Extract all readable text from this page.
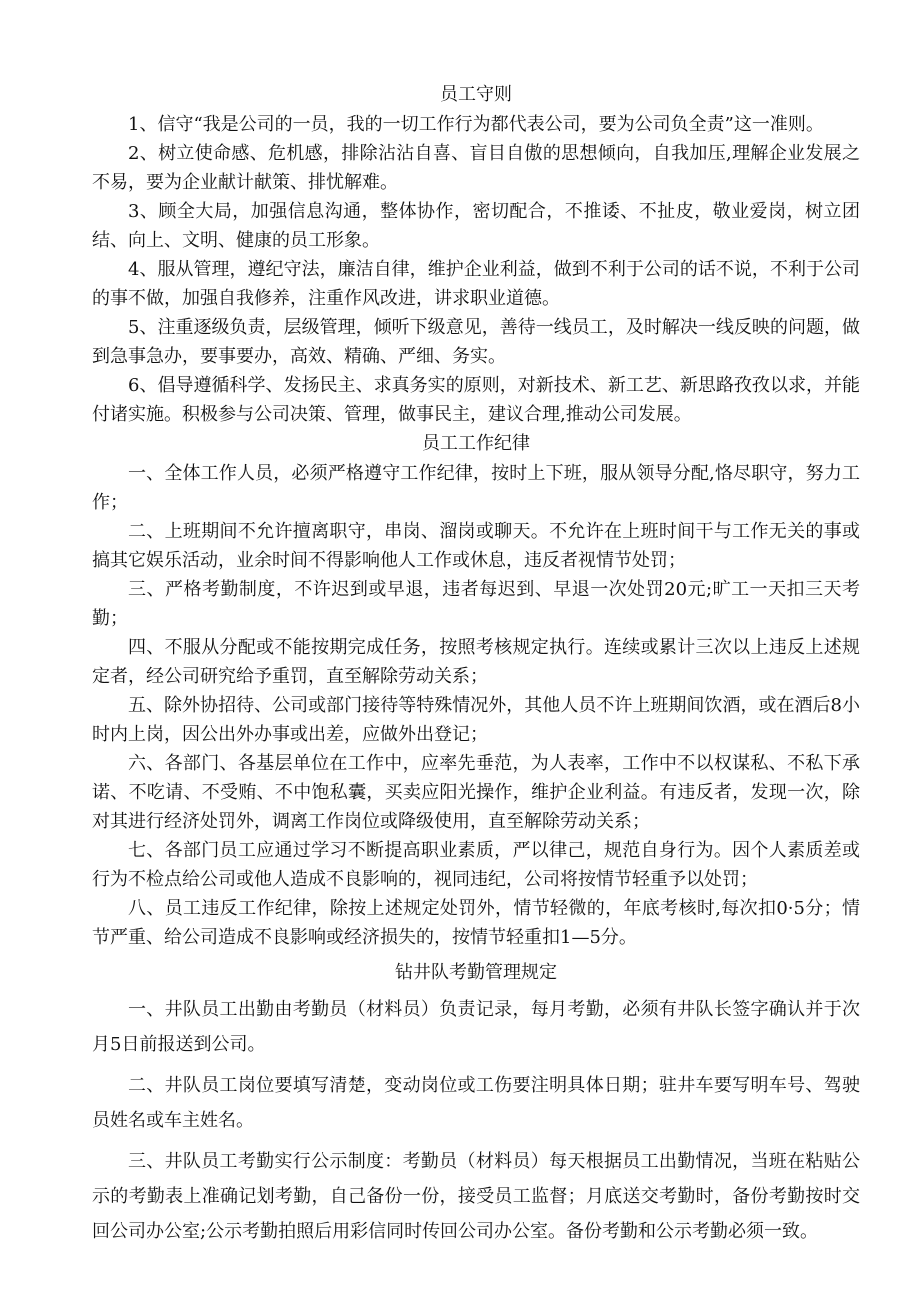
员工守则

1、信守“我是公司的一员，我的一切工作行为都代表公司，要为公司负全责”这一准则。

2、树立使命感、危机感，排除沾沾自喜、盲目自傲的思想倾向，自我加压,理解企业发展之不易，要为企业献计献策、排忧解难。

3、顾全大局，加强信息沟通，整体协作，密切配合，不推诿、不扯皮，敬业爱岗，树立团结、向上、文明、健康的员工形象。

4、服从管理，遵纪守法，廉洁自律，维护企业利益，做到不利于公司的话不说，不利于公司的事不做，加强自我修养，注重作风改进，讲求职业道德。

5、注重逐级负责，层级管理，倾听下级意见，善待一线员工，及时解决一线反映的问题，做到急事急办，要事要办，高效、精确、严细、务实。

6、倡导遵循科学、发扬民主、求真务实的原则，对新技术、新工艺、新思路孜孜以求，并能付诸实施。积极参与公司决策、管理，做事民主，建议合理,推动公司发展。

员工工作纪律

一、全体工作人员，必须严格遵守工作纪律，按时上下班，服从领导分配,恪尽职守，努力工作；

二、上班期间不允许擅离职守，串岗、溜岗或聊天。不允许在上班时间干与工作无关的事或搞其它娱乐活动，业余时间不得影响他人工作或休息，违反者视情节处罚；

三、严格考勤制度，不许迟到或早退，违者每迟到、早退一次处罚20元;旷工一天扣三天考勤；

四、不服从分配或不能按期完成任务，按照考核规定执行。连续或累计三次以上违反上述规定者，经公司研究给予重罚，直至解除劳动关系；

五、除外协招待、公司或部门接待等特殊情况外，其他人员不许上班期间饮酒，或在酒后8小时内上岗，因公出外办事或出差，应做外出登记；

六、各部门、各基层单位在工作中，应率先垂范，为人表率，工作中不以权谋私、不私下承诺、不吃请、不受贿、不中饱私囊，买卖应阳光操作，维护企业利益。有违反者，发现一次，除对其进行经济处罚外，调离工作岗位或降级使用，直至解除劳动关系；

七、各部门员工应通过学习不断提高职业素质，严以律己，规范自身行为。因个人素质差或行为不检点给公司或他人造成不良影响的，视同违纪，公司将按情节轻重予以处罚；

八、员工违反工作纪律，除按上述规定处罚外，情节轻微的，年底考核时,每次扣0·5分；情节严重、给公司造成不良影响或经济损失的，按情节轻重扣1—5分。

钻井队考勤管理规定

一、井队员工出勤由考勤员（材料员）负责记录，每月考勤，必须有井队长签字确认并于次月5日前报送到公司。

二、井队员工岗位要填写清楚，变动岗位或工伤要注明具体日期；驻井车要写明车号、驾驶员姓名或车主姓名。

三、井队员工考勤实行公示制度：考勤员（材料员）每天根据员工出勤情况，当班在粘贴公示的考勤表上准确记划考勤，自己备份一份，接受员工监督；月底送交考勤时，备份考勤按时交回公司办公室;公示考勤拍照后用彩信同时传回公司办公室。备份考勤和公示考勤必须一致。
